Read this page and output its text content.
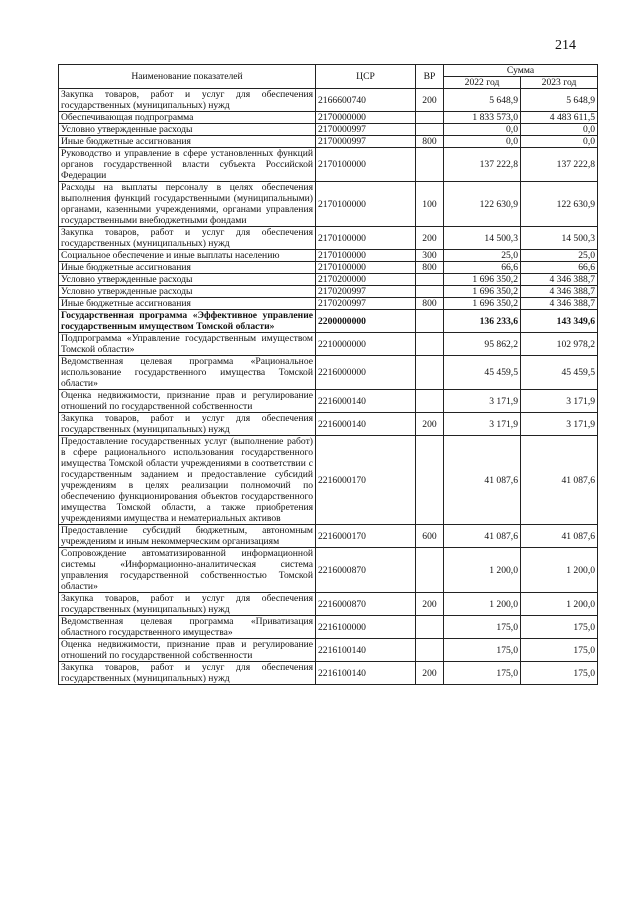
214
Наименование показателей	ЦСР	ВР	Сумма	
			2022 год	2023 год
Закупка товаров, работ и услуг для обеспечения государственных (муниципальных) нужд	2166600740	200	5 648,9	5 648,9
Обеспечивающая подпрограмма	2170000000		1 833 573,0	4 483 611,5
Условно утвержденные расходы	2170000997		0,0	0,0
Иные бюджетные ассигнования	2170000997	800	0,0	0,0
Руководство и управление в сфере установленных функций органов государственной власти субъекта Российской Федерации	2170100000		137 222,8	137 222,8
Расходы на выплаты персоналу в целях обеспечения выполнения функций государственными (муниципальными) органами, казенными учреждениями, органами управления государственными внебюджетными фондами	2170100000	100	122 630,9	122 630,9
Закупка товаров, работ и услуг для обеспечения государственных (муниципальных) нужд	2170100000	200	14 500,3	14 500,3
Социальное обеспечение и иные выплаты населению	2170100000	300	25,0	25,0
Иные бюджетные ассигнования	2170100000	800	66,6	66,6
Условно утвержденные расходы	2170200000		1 696 350,2	4 346 388,7
Условно утвержденные расходы	2170200997		1 696 350,2	4 346 388,7
Иные бюджетные ассигнования	2170200997	800	1 696 350,2	4 346 388,7
Государственная программа «Эффективное управление государственным имуществом Томской области»	2200000000		136 233,6	143 349,6
Подпрограмма «Управление государственным имуществом Томской области»	2210000000		95 862,2	102 978,2
Ведомственная целевая программа «Рациональное использование государственного имущества Томской области»	2216000000		45 459,5	45 459,5
Оценка недвижимости, признание прав и регулирование отношений по государственной собственности	2216000140		3 171,9	3 171,9
Закупка товаров, работ и услуг для обеспечения государственных (муниципальных) нужд	2216000140	200	3 171,9	3 171,9
Предоставление государственных услуг (выполнение работ) в сфере рационального использования государственного имущества Томской области учреждениями в соответствии с государственным заданием и предоставление субсидий учреждениям в целях реализации полномочий по обеспечению функционирования объектов государственного имущества Томской области, а также приобретения учреждениями имущества и нематериальных активов	2216000170		41 087,6	41 087,6
Предоставление субсидий бюджетным, автономным учреждениям и иным некоммерческим организациям	2216000170	600	41 087,6	41 087,6
Сопровождение автоматизированной информационной системы «Информационно-аналитическая система управления государственной собственностью Томской области»	2216000870		1 200,0	1 200,0
Закупка товаров, работ и услуг для обеспечения государственных (муниципальных) нужд	2216000870	200	1 200,0	1 200,0
Ведомственная целевая программа «Приватизация областного государственного имущества»	2216100000		175,0	175,0
Оценка недвижимости, признание прав и регулирование отношений по государственной собственности	2216100140		175,0	175,0
Закупка товаров, работ и услуг для обеспечения государственных (муниципальных) нужд	2216100140	200	175,0	175,0
